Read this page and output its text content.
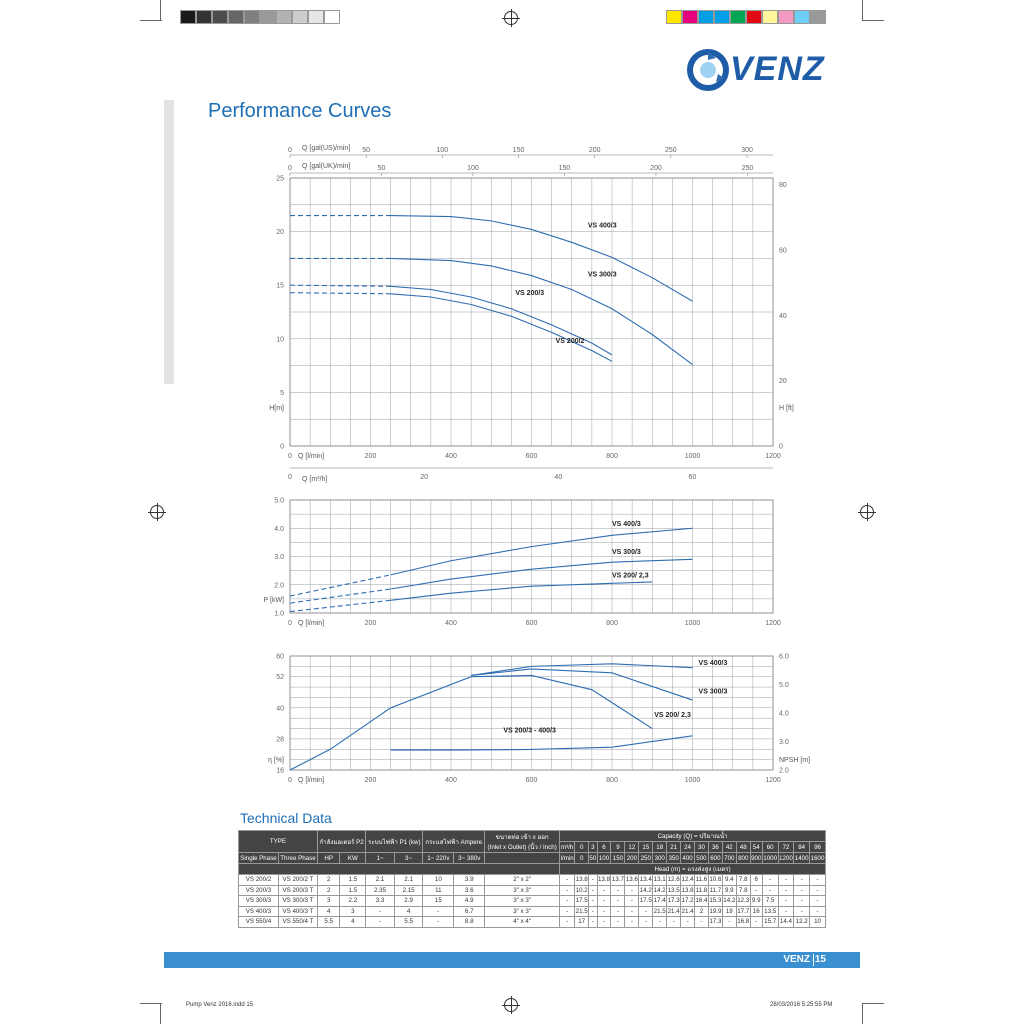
VENZ
Performance Curves
0	200	400	600	800	1000	1200
Q [l/min]
0
5
10
15
20
25
H[m]
0
20
40
60
80
H [ft]
0	50	100	150	200	250	300
Q [gal(US)/min]
0	50	100	150	200	250
Q [gal(UK)/min]
0	20	40	60
Q [m³/h]
VS 400/3
VS 300/3
VS 200/3
VS 200/2
0	200	400	600	800	1000	1200
Q [l/min]
1.0
2.0
3.0
4.0
5.0
P [kW]
VS 400/3
VS 300/3
VS 200/ 2,3
0	200	400	600	800	1000	1200
Q [l/min]
16
28
40
52
60
η [%]
2.0
3.0
4.0
5.0
6.0
NPSH [m]
VS 400/3
VS 300/3
VS 200/ 2,3
VS 200/3 - 400/3
Technical Data
TYPE		กำลังมอเตอร์ P2		ระบบไฟฟ้า P1 (kw)		กระแสไฟฟ้า Ampere		ขนาดท่อ เข้า x ออก
(Inlet x Outlet) (นิ้ว / Inch)	Capacity (Q) = ปริมาณน้ำ																		
									m³/h	0	3	6	9	12	15	18	21	24	30	36	42	48	54	60	72	84	96
Single Phase	Three Phase	HP	KW	1~	3~	1~ 220v	3~ 380v		l/min	0	50	100	150	200	250	300	350	400	500	600	700	800	900	1000	1200	1400	1600
									Head (m) = แรงส่งสูง (เมตร)																		
VS 200/2	VS 200/2 T	2	1.5	2.1	2.1	10	3.9	2" x 2"	-	13.8	-	13.8	13.7	13.6	13.4	13.1	12.6	12.4	11.6	10.6	9.4	7.8	6	-	-	-	-
VS 200/3	VS 200/3 T	2	1.5	2.35	2.15	11	3.6	3" x 3"	-	10.2	-	-	-	-	14.2	14.2	13.5	13.8	11.8	11.7	9.9	7.8	-	-	-	-	-
VS 300/3	VS 300/3 T	3	2.2	3.3	2.9	15	4.9	3" x 3"	-	17.5	-	-	-	-	17.5	17.4	17.3	17.2	16.4	15.3	14.2	12.3	9.9	7.5	-	-	-
VS 400/3	VS 400/3 T	4	3	-	4	-	6.7	3" x 3"	-	21.5	-	-	-	-	-	21.5	21.4	21.4	2	19.9	19	17.7	16	13.5	-	-	-
VS 550/4	VS 550/4 T	5.5	4	-	5.5	-	8.8	4" x 4"	-	17	-	-	-	-	-	-	-	-	-	17.3	-	16.8	-	15.7	14.4	12.2	10
VENZ 15
Pump Venz 2016.indd 15	28/03/2016 5:25:55 PM
